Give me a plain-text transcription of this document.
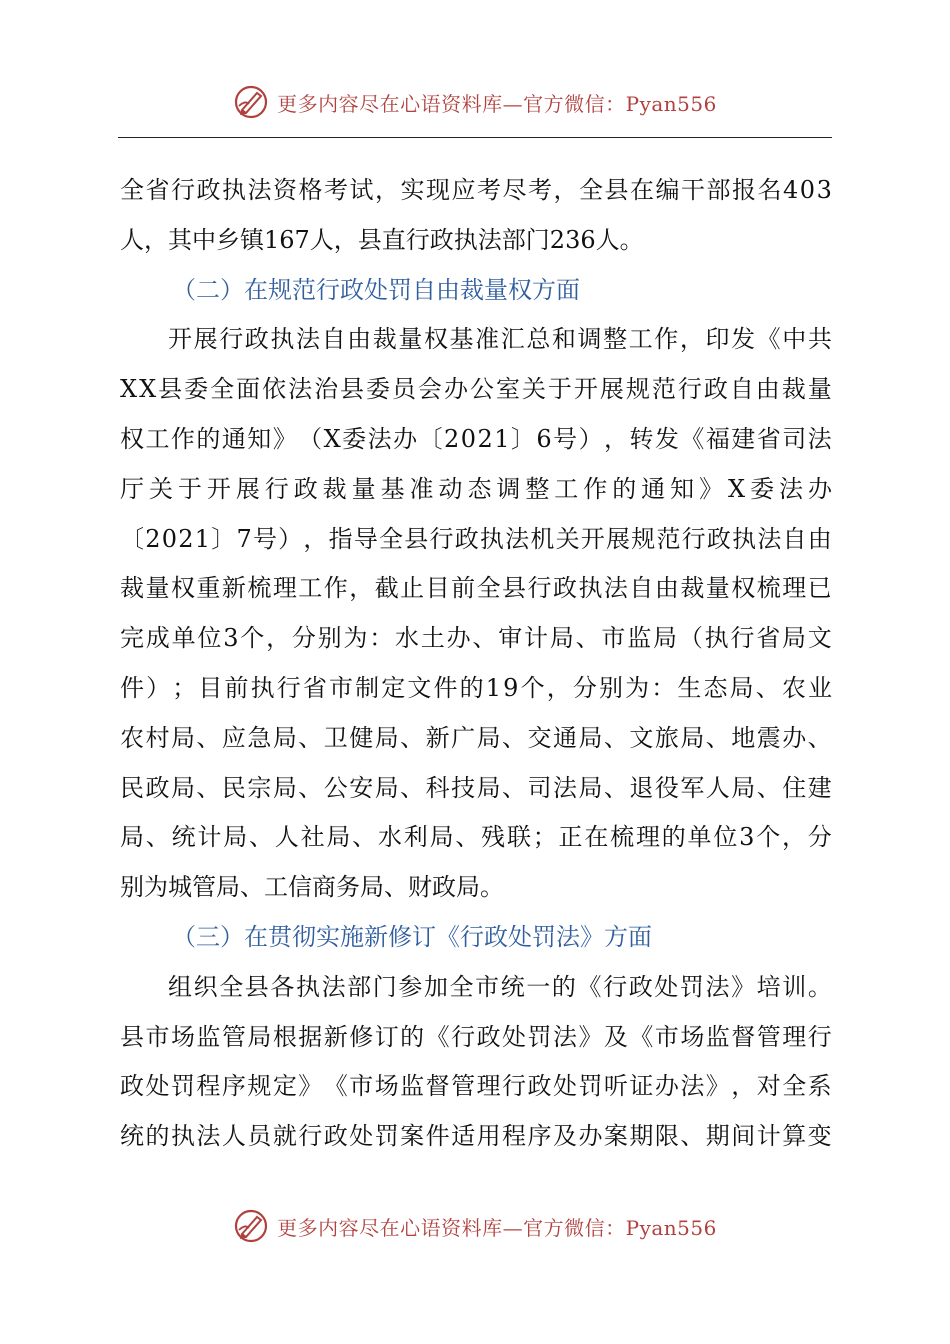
更多内容尽在心语资料库—官方微信：Pyan556
全 省 行 政 执 法 资 格 考 试 ， 实 现 应 考 尽 考 ， 全 县 在 编 干 部 报 名 4 0 3
人，其中乡镇167人，县直行政执法部门236人。
（二）在规范行政处罚自由裁量权方面
开 展 行 政 执 法 自 由 裁 量 权 基 准 汇 总 和 调 整 工 作 ， 印 发 《 中 共
X X 县 委 全 面 依 法 治 县 委 员 会 办 公 室 关 于 开 展 规 范 行 政 自 由 裁 量
权 工 作 的 通 知 》 （ X 委 法 办 〔 2 0 2 1 〕 6 号 ） ， 转 发 《 福 建 省 司 法
厅 关 于 开 展 行 政 裁 量 基 准 动 态 调 整 工 作 的 通 知 》 X 委 法 办
〔 2 0 2 1 〕 7 号 ） ， 指 导 全 县 行 政 执 法 机 关 开 展 规 范 行 政 执 法 自 由
裁 量 权 重 新 梳 理 工 作 ， 截 止 目 前 全 县 行 政 执 法 自 由 裁 量 权 梳 理 已
完 成 单 位 3 个 ， 分 别 为 ： 水 土 办 、 审 计 局 、 市 监 局 （ 执 行 省 局 文
件 ） ； 目 前 执 行 省 市 制 定 文 件 的 1 9 个 ， 分 别 为 ： 生 态 局 、 农 业
农 村 局 、 应 急 局 、 卫 健 局 、 新 广 局 、 交 通 局 、 文 旅 局 、 地 震 办 、
民 政 局 、 民 宗 局 、 公 安 局 、 科 技 局 、 司 法 局 、 退 役 军 人 局 、 住 建
局 、 统 计 局 、 人 社 局 、 水 利 局 、 残 联 ； 正 在 梳 理 的 单 位 3 个 ， 分
别为城管局、工信商务局、财政局。
（三）在贯彻实施新修订《行政处罚法》方面
组 织 全 县 各 执 法 部 门 参 加 全 市 统 一 的 《 行 政 处 罚 法 》 培 训 。
县 市 场 监 管 局 根 据 新 修 订 的 《 行 政 处 罚 法 》 及 《 市 场 监 督 管 理 行
政 处 罚 程 序 规 定 》 《 市 场 监 督 管 理 行 政 处 罚 听 证 办 法 》 ， 对 全 系
统 的 执 法 人 员 就 行 政 处 罚 案 件 适 用 程 序 及 办 案 期 限 、 期 间 计 算 变
更多内容尽在心语资料库—官方微信：Pyan556
